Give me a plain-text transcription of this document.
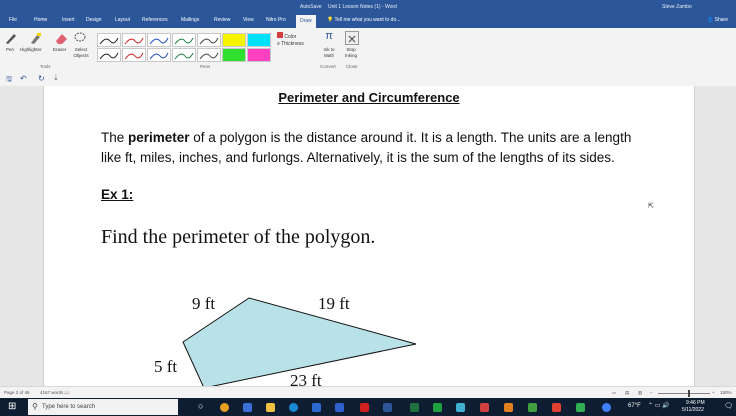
AutoSave Unit 1 Lesson Notes (1) - Word	Steve Zambo
File	Home	Insert Design	Layout References	Mailings	Review	View Nitro Pro	Draw	💡 Tell me what you want to do...	👤 Share
Pen Highlighter	Eraser	Select Objects
Tools	Pens
Color
≡ Thickness
π
Ink to Math
Stop Inking
Convert Close
🖫 ↶ ↻ ⇣
Perimeter and Circumference
The perimeter of a polygon is the distance around it. It is a length. The units are a length like ft, miles, inches, and furlongs. Alternatively, it is the sum of the lengths of its sides.
Ex 1:
Find the perimeter of the polygon.
9 ft	19 ft
5 ft
23 ft
⇱
Page 2 of 46 4167 words 📖	▭ ▤ ▥ −	+ 150%
⊞ ⚲ Type here to search	○	67°F ⌃ ▭ 🔊	9:46 PM
5/11/2022	🗨
